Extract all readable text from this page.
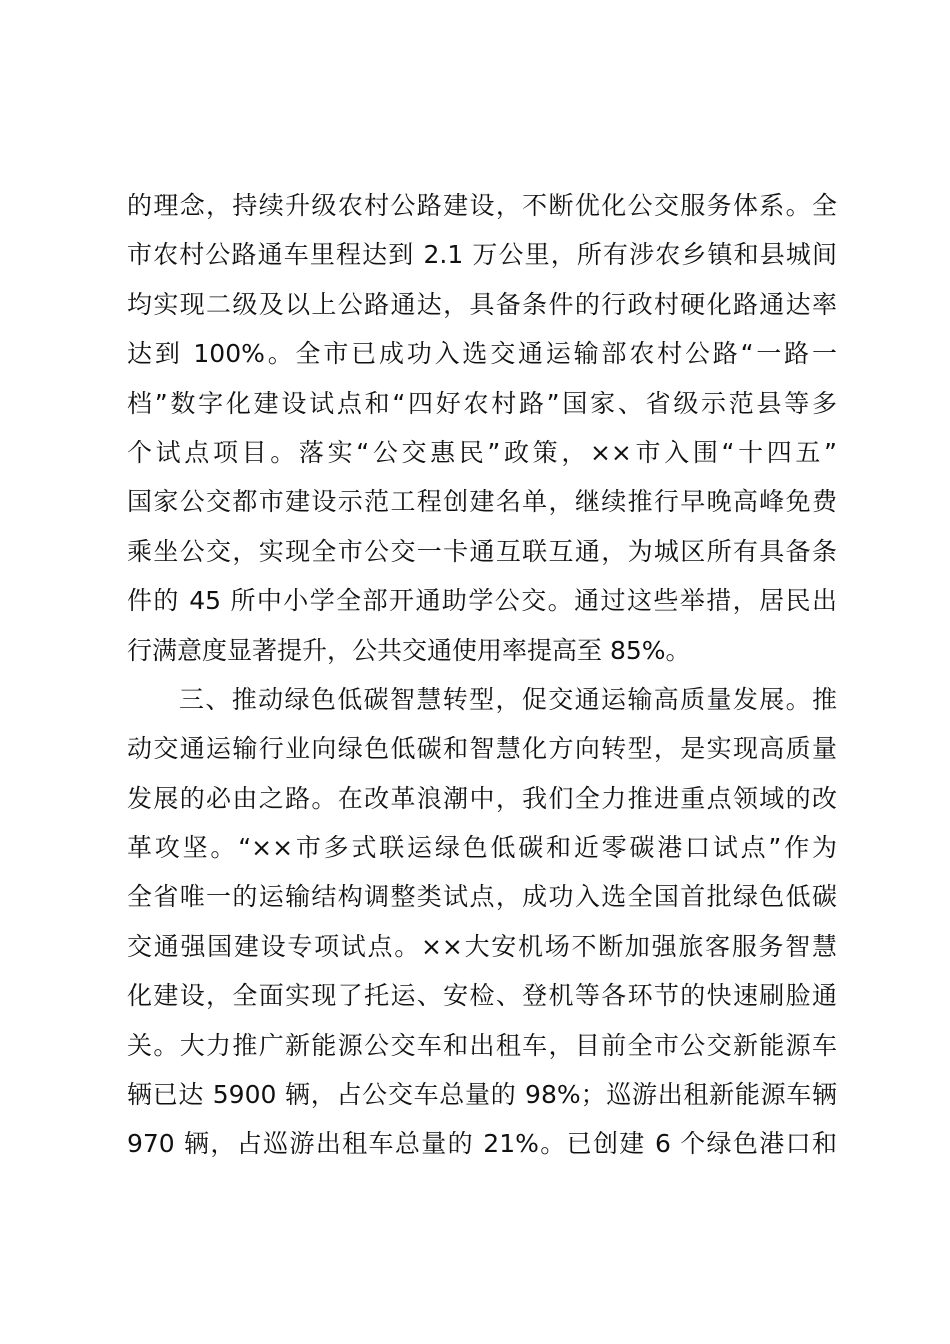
的理念，持续升级农村公路建设，不断优化公交服务体系。全
市农村公路通车里程达到 2.1 万公里，所有涉农乡镇和县城间
均实现二级及以上公路通达，具备条件的行政村硬化路通达率
达到 100%。全市已成功入选交通运输部农村公路“一路一
档”数字化建设试点和“四好农村路”国家、省级示范县等多
个试点项目。落实“公交惠民”政策，××市入围“十四五”
国家公交都市建设示范工程创建名单，继续推行早晚高峰免费
乘坐公交，实现全市公交一卡通互联互通，为城区所有具备条
件的 45 所中小学全部开通助学公交。通过这些举措，居民出
行满意度显著提升，公共交通使用率提高至 85%。
三、推动绿色低碳智慧转型，促交通运输高质量发展。推
动交通运输行业向绿色低碳和智慧化方向转型，是实现高质量
发展的必由之路。在改革浪潮中，我们全力推进重点领域的改
革攻坚。“××市多式联运绿色低碳和近零碳港口试点”作为
全省唯一的运输结构调整类试点，成功入选全国首批绿色低碳
交通强国建设专项试点。××大安机场不断加强旅客服务智慧
化建设，全面实现了托运、安检、登机等各环节的快速刷脸通
关。大力推广新能源公交车和出租车，目前全市公交新能源车
辆已达 5900 辆，占公交车总量的 98%；巡游出租新能源车辆
970 辆，占巡游出租车总量的 21%。已创建 6 个绿色港口和
